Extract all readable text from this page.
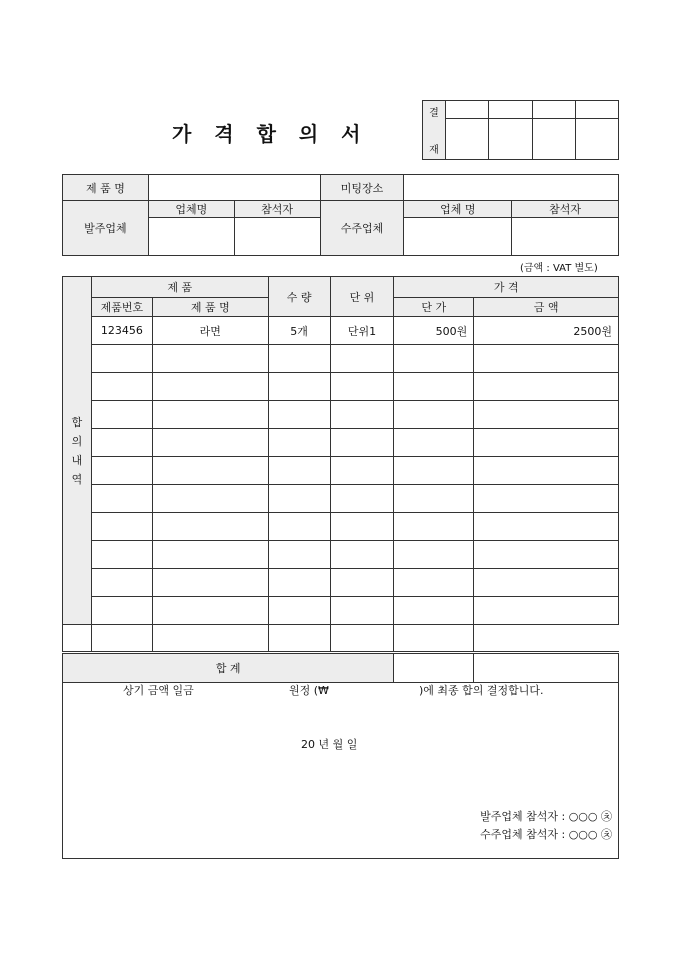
가 격 합 의 서
결
재				

제 품 명			미팅장소		
발주업체	업체명	참석자	수주업체	업체 명	참석자

(금액 : VAT 별도)
합의내역	제 품		수 량	단 위	가 격	
	제품번호	제 품 명			단 가	금 액
	123456	라면	5개	단위1	500원	2500원

합 계						
상기 금액 일금	원정 (₩	)에 최종 합의 결정합니다.
20 년 월 일
발주업체 참석자 : ○○○ ㉩
수주업체 참석자 : ○○○ ㉩
